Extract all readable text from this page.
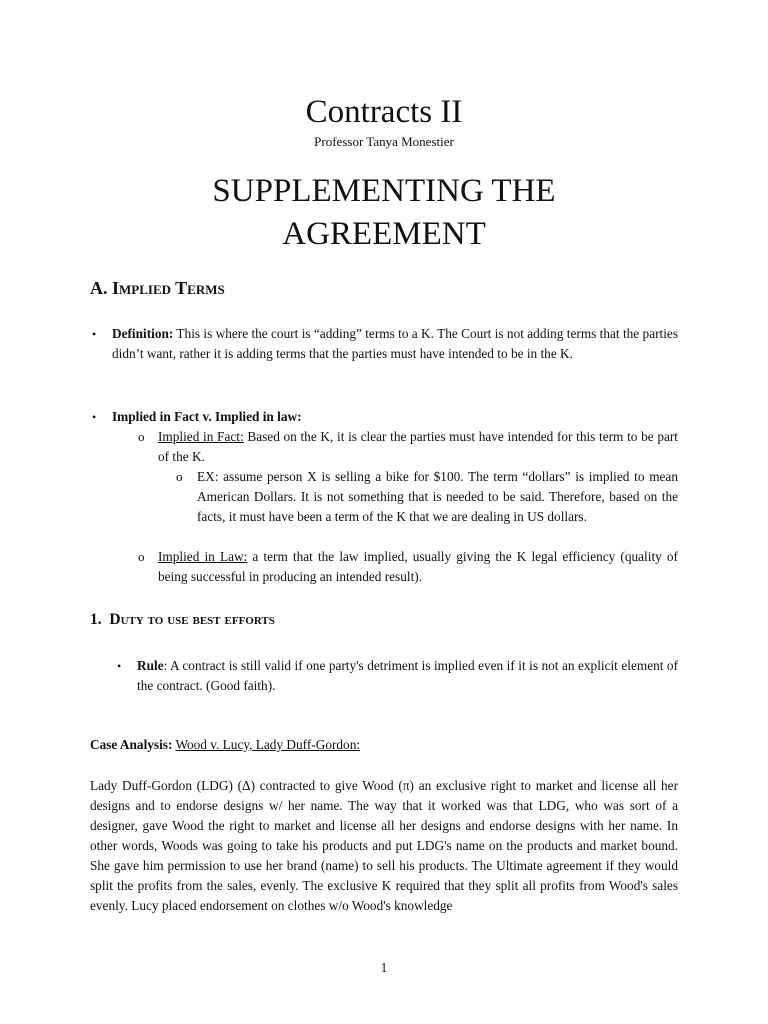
Contracts II
Professor Tanya Monestier
SUPPLEMENTING THE
AGREEMENT
A. Implied Terms
• Definition: This is where the court is “adding” terms to a K. The Court is not adding terms that the parties didn’t want, rather it is adding terms that the parties must have intended to be in the K.
• Implied in Fact v. Implied in law:
o Implied in Fact: Based on the K, it is clear the parties must have intended for this term to be part of the K.
o EX: assume person X is selling a bike for $100. The term “dollars” is implied to mean American Dollars. It is not something that is needed to be said. Therefore, based on the facts, it must have been a term of the K that we are dealing in US dollars.
o Implied in Law: a term that the law implied, usually giving the K legal efficiency (quality of being successful in producing an intended result).
1. Duty to use best efforts
• Rule: A contract is still valid if one party's detriment is implied even if it is not an explicit element of the contract. (Good faith).
Case Analysis: Wood v. Lucy, Lady Duff-Gordon:
Lady Duff-Gordon (LDG) (Δ) contracted to give Wood (π) an exclusive right to market and license all her designs and to endorse designs w/ her name. The way that it worked was that LDG, who was sort of a designer, gave Wood the right to market and license all her designs and endorse designs with her name. In other words, Woods was going to take his products and put LDG's name on the products and market bound. She gave him permission to use her brand (name) to sell his products. The Ultimate agreement if they would split the profits from the sales, evenly. The exclusive K required that they split all profits from Wood's sales evenly. Lucy placed endorsement on clothes w/o Wood's knowledge
1
